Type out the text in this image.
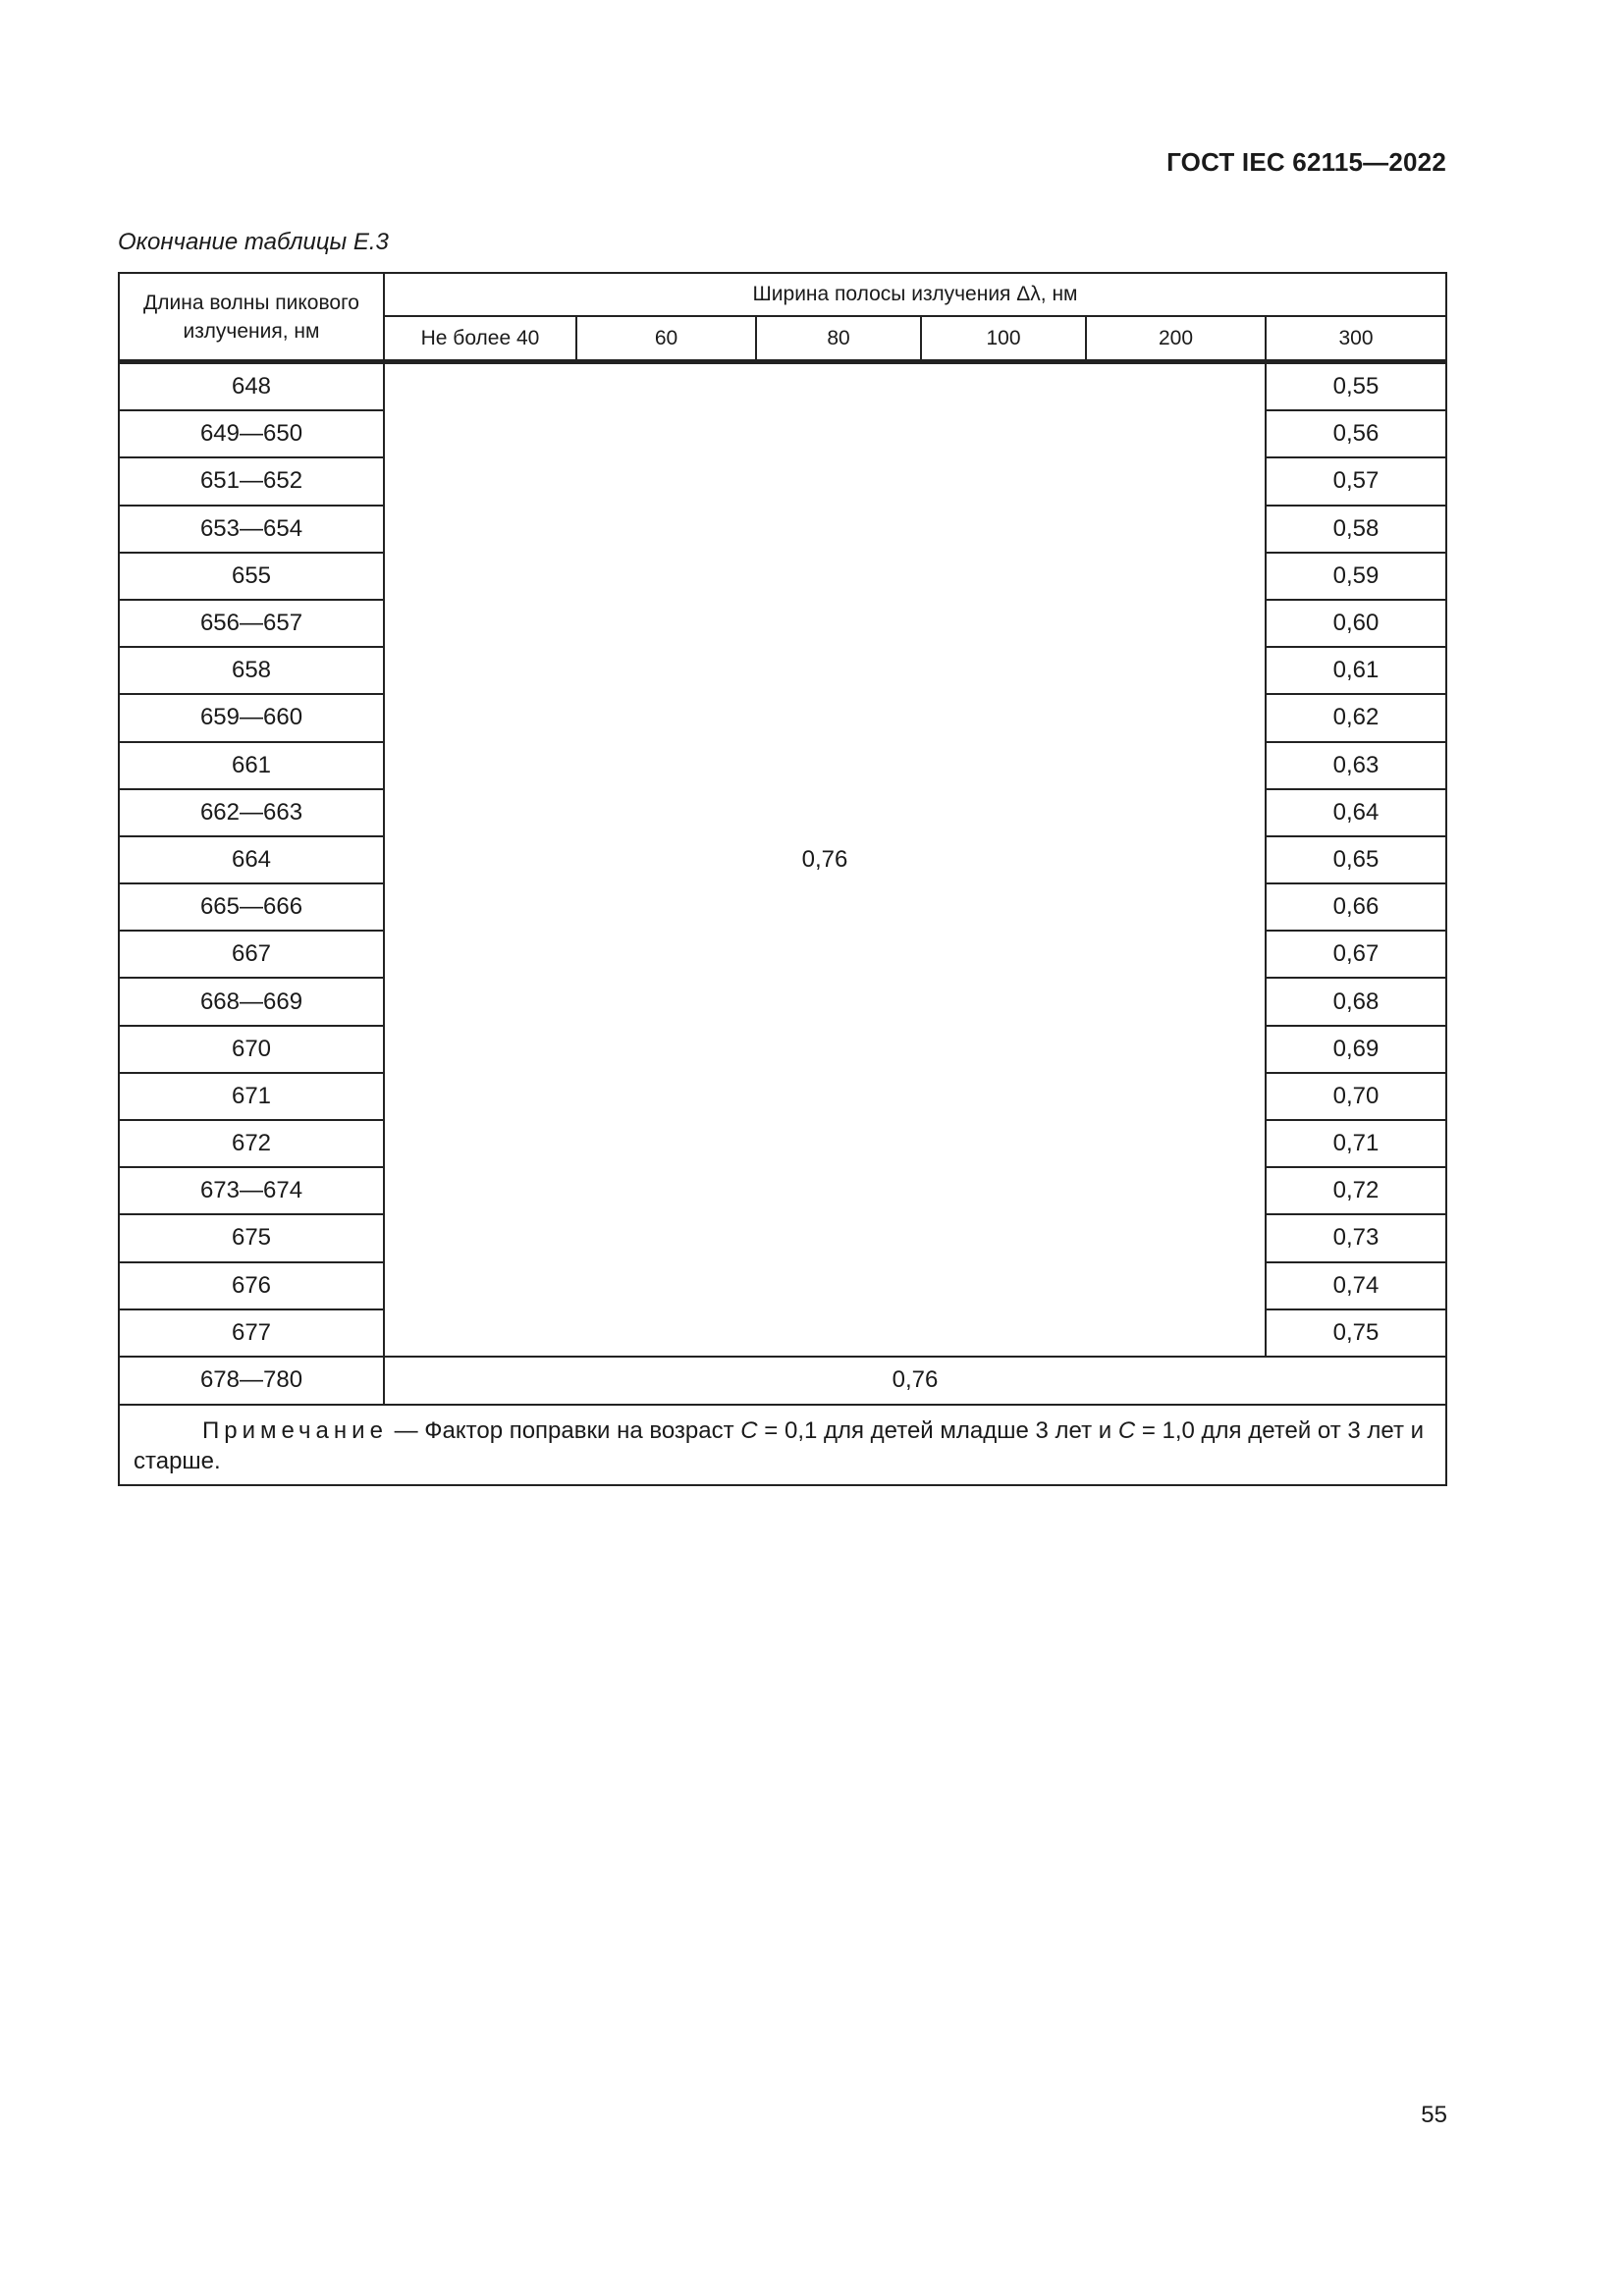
ГОСТ IEC 62115—2022
Окончание таблицы Е.3
Длина волны пикового излучения, нм	Ширина полосы излучения Δλ, нм					
	Не более 40	60	80	100	200	300
648	0,76					0,55
649—650						0,56
651—652						0,57
653—654						0,58
655						0,59
656—657						0,60
658						0,61
659—660						0,62
661						0,63
662—663						0,64
664						0,65
665—666						0,66
667						0,67
668—669						0,68
670						0,69
671						0,70
672						0,71
673—674						0,72
675						0,73
676						0,74
677						0,75
678—780	0,76					
Примечание — Фактор поправки на возраст C = 0,1 для детей младше 3 лет и C = 1,0 для детей от 3 лет и старше.						
55
